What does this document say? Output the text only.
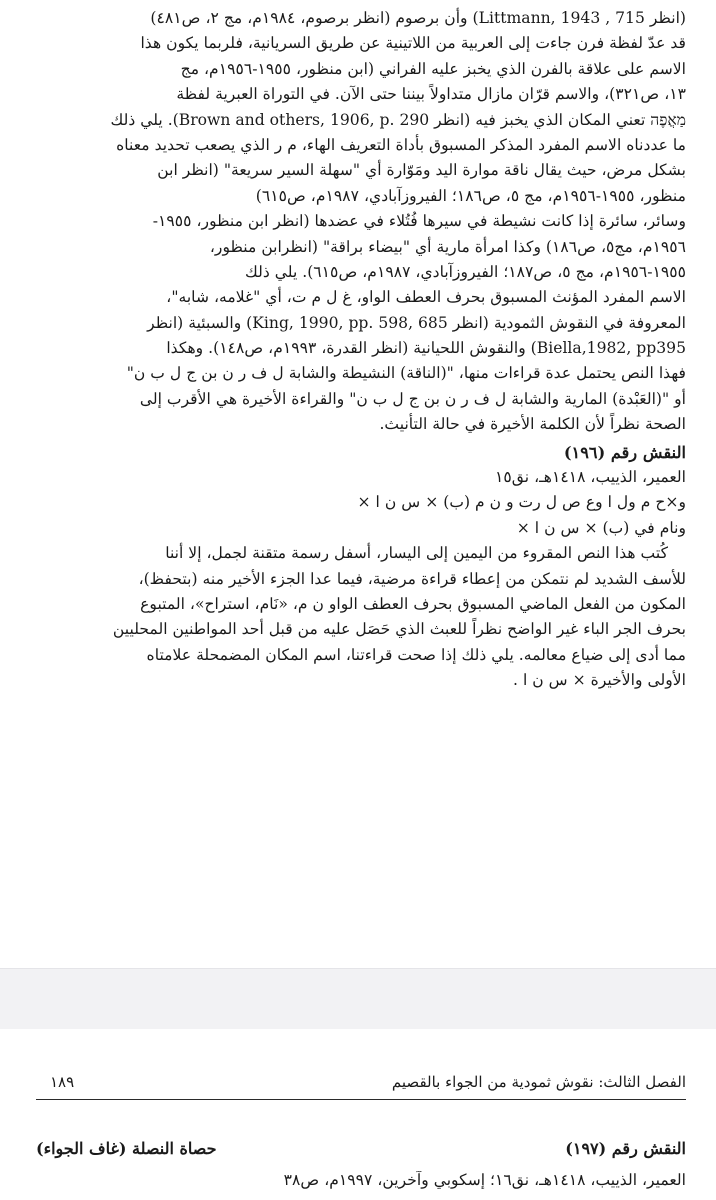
(انظر Littmann, 1943 , 715) وأن برصوم (انظر برصوم، ١٩٨٤م، مج ٢، ص٤٨١)
قد عدّ لفظة فرن جاءت إلى العربية من اللاتينية عن طريق السريانية، فلربما يكون هذا
الاسم على علاقة بالفرن الذي يخبز عليه الفراني (ابن منظور، ١٩٥٥-١٩٥٦م، مج
١٣، ص٣٢١)، والاسم قرّان مازال متداولاً بيننا حتى الآن. في التوراة العبرية لفظة
מַאֲפֶה تعني المكان الذي يخبز فيه (انظر Brown and others, 1906, p. 290). يلي ذلك
ما عددناه الاسم المفرد المذكر المسبوق بأداة التعريف الهاء، م ر الذي يصعب تحديد معناه
بشكل مرض، حيث يقال ناقة موارة اليد ومَوّارة أي "سهلة السير سريعة" (انظر ابن
منظور، ١٩٥٥-١٩٥٦م، مج ٥، ص١٨٦؛ الفيروزآبادي، ١٩٨٧م، ص٦١٥)
وسائر، سائرة إذا كانت نشيطة في سيرها فُتُلاء في عضدها (انظر ابن منظور، ١٩٥٥-
١٩٥٦م، مج٥، ص١٨٦) وكذا امرأة مارية أي "بيضاء براقة" (انظرابن منظور،
١٩٥٥-١٩٥٦م، مج ٥، ص١٨٧؛ الفيروزآبادي، ١٩٨٧م، ص٦١٥). يلي ذلك
الاسم المفرد المؤنث المسبوق بحرف العطف الواو، غ ل م ت، أي "غلامه، شابه"،
المعروفة في النقوش الثمودية (انظر King, 1990, pp. 598, 685) والسبئية (انظر
Biella,1982, pp395) والنقوش اللحيانية (انظر القدرة، ١٩٩٣م، ص١٤٨). وهكذا
فهذا النص يحتمل عدة قراءات منها، "(الناقة) النشيطة والشابة ل ف ر ن بن ج ل ب ن"
أو "(العَبْدة) المارية والشابة ل ف ر ن بن ج ل ب ن" والقراءة الأخيرة هي الأقرب إلى
الصحة نظراً لأن الكلمة الأخيرة في حالة التأنيث.
النقش رقم (١٩٦)
العمير، الذييب، ١٤١٨هـ، نق١٥
و×ح م ول ا وع ص ل رت و ن م (ب) × س ن ا ×
ونام في (ب) × س ن ا ×
كُتب هذا النص المقروء من اليمين إلى اليسار، أسفل رسمة متقنة لجمل، إلا أننا
للأسف الشديد لم نتمكن من إعطاء قراءة مرضية، فيما عدا الجزء الأخير منه (بتحفظ)،
المكون من الفعل الماضي المسبوق بحرف العطف الواو ن م، «نَام، استراح»، المتبوع
بحرف الجر الباء غير الواضح نظراً للعبث الذي حَصَل عليه من قبل أحد المواطنين المحليين
مما أدى إلى ضياع معالمه. يلي ذلك إذا صحت قراءتنا، اسم المكان المضمحلة علامتاه
الأولى والأخيرة × س ن ا .
الفصل الثالث: نقوش ثمودية من الجواء بالقصيم
١٨٩
النقش رقم (١٩٧)
حصاة النصلة (غاف الجواء)
العمير، الذييب، ١٤١٨هـ، نق١٦؛ إسكوبي وآخرين، ١٩٩٧م، ص٣٨
